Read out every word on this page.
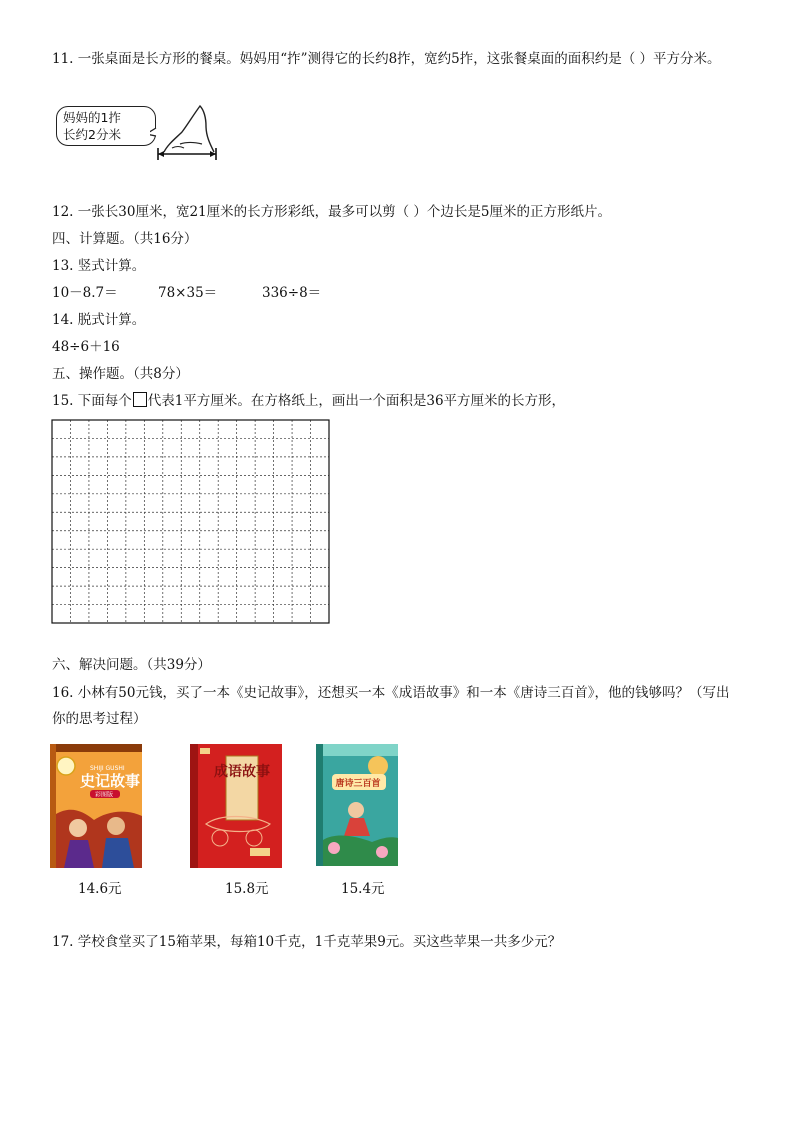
11. 一张桌面是长方形的餐桌。妈妈用“拃”测得它的长约8拃，宽约5拃，这张餐桌面的面积约是（ ）平方分米。
妈妈的1拃
长约2分米
12. 一张长30厘米，宽21厘米的长方形彩纸，最多可以剪（ ）个边长是5厘米的正方形纸片。
四、计算题。（共16分）
13. 竖式计算。
10－8.7＝	78×35＝	336÷8＝
14. 脱式计算。
48÷6＋16
五、操作题。（共8分）
15. 下面每个 代表1平方厘米。在方格纸上，画出一个面积是36平方厘米的长方形，
六、解决问题。（共39分）
16. 小林有50元钱，买了一本《史记故事》，还想买一本《成语故事》和一本《唐诗三百首》，他的钱够吗？（写出你的思考过程）
SHIJI GUSHI
史记故事
彩图版
14.6元
成语故事
15.8元
唐诗三百首
15.4元
17. 学校食堂买了15箱苹果，每箱10千克，1千克苹果9元。买这些苹果一共多少元？
